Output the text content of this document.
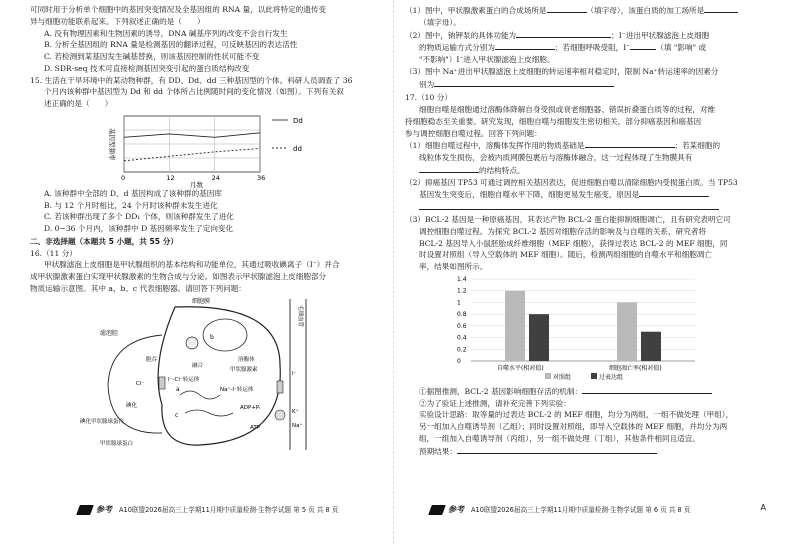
可同时用于分析单个细胞中的基因突变情况及全基因组的 RNA 量，以此将特定的遗传变

异与细胞功能联系起来。下列叙述正确的是（　　）

A. 没有物理因素和生物因素的诱导，DNA 碱基序列的改变不会自行发生

B. 分析全基因组的 RNA 量是检测基因的翻译过程，可反映基因的表达活性

C. 若检测到某基因发生碱基替换，则该基因控制的性状可能不变

D. SDR-seq 技术可直接检测基因突变引起的蛋白质结构改变

15. 生活在干旱环境中的某动物种群，有 DD、Dd、dd 三种基因型的个体。科研人员调查了 36

个月内该种群中基因型为 Dd 和 dd 个体所占比例随时间的变化情况（如图）。下列有关叙

述正确的是（　　）

基因型频率
0	12	24	36
月数
Dd
dd

A. 该种群中全部的 D、d 基因构成了该种群的基因库

B. 与 12 个月时相比，24 个月时该种群未发生进化

C. 若该种群出现了多个 DD₁ 个体，则该种群发生了进化

D. 0~36 个月内，该种群中 D 基因频率发生了定向变化

二、非选择题（本题共 5 小题，共 55 分）

16.（11 分）

甲状腺滤泡上皮细胞是甲状腺组织的基本结构和功能单位，其通过吸收碘离子（I⁻）并合

成甲状腺激素蛋白实现甲状腺激素的生物合成与分泌。如图表示甲状腺滤泡上皮细胞部分

物质运输示意图。其中 a、b、c 代表细胞器。请回答下列问题：

毛细血管
细胞膜
滤泡腔
b
溶酶体
甲状腺激素
融合
a
c
I⁻-Cl⁻转运体
Na⁺-I⁻转运体
ADP+Pᵢ
ATP
K⁺
Na⁺
I⁻
Cl⁻
碘化
碘化甲状腺球蛋白
甲状腺球蛋白
胞吞
参考 A10联盟2026届高三上学期11月期中质量检测·生物学试题 第 5 页 共 8 页

（1）图中，甲状腺激素蛋白的合成场所是	（填字母），该蛋白质的加工场所是

（填字母）。

（2）图中，钠钾泵的具体功能为	；I⁻进出甲状腺滤泡上皮细胞

的物质运输方式分别为	；若细胞呼吸受阻，I⁻	（填 "影响" 或

"不影响"）I⁻进入甲状腺滤泡上皮细胞。

（3）图中 Na⁺进出甲状腺滤泡上皮细胞的转运速率相对稳定时，限制 Na⁺转运速率的因素分

别为

17.（10 分）

细胞自噬是细胞通过溶酶体降解自身受损或衰老细胞器、错误折叠蛋白质等的过程，对维

持细胞稳态至关重要。研究发现，细胞自噬与细胞发生密切相关，部分抑癌基因和癌基因

参与调控细胞自噬过程。回答下列问题：

（1）细胞自噬过程中，溶酶体发挥作用的物质基础是	；若某细胞的

线粒体发生损伤，会被内质网膜包裹后与溶酶体融合，这一过程体现了生物膜具有

的结构特点。

（2）抑癌基因 TP53 可通过调控相关基因表达，促进细胞自噬以清除细胞内受损蛋白质。当 TP53

基因发生突变后，细胞自噬水平下降，细胞更易发生癌变，原因是

（3）BCL-2 基因是一种原癌基因，其表达产物 BCL-2 蛋白能抑制细胞凋亡，且有研究表明它可

调控细胞自噬过程。为探究 BCL-2 基因对细胞存活的影响及与自噬的关系，研究者将

BCL-2 基因导入小鼠胚胎成纤维细胞（MEF 细胞），获得过表达 BCL-2 的 MEF 细胞，同

时设置对照组（导入空载体的 MEF 细胞）。随后，检测两组细胞的自噬水平和细胞凋亡

率，结果如图所示。

0
0.2
0.4
0.6
0.8
1
1.2
1.4
自噬水平(相对值)	细胞凋亡率(相对值)
对照组	过表达组

①据图推测，BCL-2 基因影响细胞存活的机制：

②为了验证上述推测，请补充完善下列实验：

实验设计思路：取等量的过表达 BCL-2 的 MEF 细胞，均分为两组，一组不做处理（甲组），

另一组加入自噬诱导剂（乙组）；同时设置对照组，即导入空载体的 MEF 细胞，并均分为两

组，一组加入自噬诱导剂（丙组），另一组不做处理（丁组），其他条件相同且适宜。

预期结果：

参考 A10联盟2026届高三上学期11月期中质量检测·生物学试题 第 6 页 共 8 页	A
